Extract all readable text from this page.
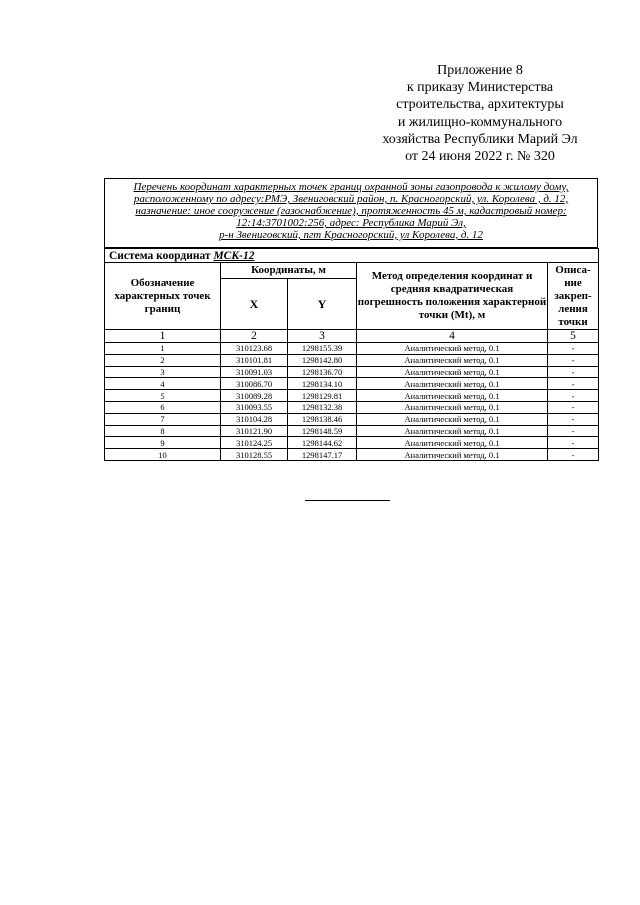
Приложение 8
к приказу Министерства
строительства, архитектуры
и жилищно-коммунального
хозяйства Республики Марий Эл
от 24 июня 2022 г. № 320
Перечень координат характерных точек границ охранной зоны газопровода к жилому дому,
расположенному по адресу:РМЭ, Звениговский район, п. Красногорский, ул. Королева , д. 12,
назначение: иное сооружение (газоснабжение), протяженность 45 м, кадастровый номер:
12:14:3701002:256, адрес: Республика Марий Эл,
р-н Звениговский, пгт Красногорский, ул Королева, д. 12
Система координат МСК-12				
Обозначение характерных точек границ	Координаты, м		Метод определения координат и средняя квадратическая погрешность положения характерной точки (Mt), м	Описа-ние закреп-ления точки
	X	Y		
1	2	3	4	5
1	310123.68	1298155.39	Аналитический метод, 0.1	-
2	310101.81	1298142.80	Аналитический метод, 0.1	-
3	310091.03	1298136.70	Аналитический метод, 0.1	-
4	310086.70	1298134.10	Аналитический метод, 0.1	-
5	310089.28	1298129.81	Аналитический метод, 0.1	-
6	310093.55	1298132.38	Аналитический метод, 0.1	-
7	310104.28	1298138.46	Аналитический метод, 0.1	-
8	310121.90	1298148.59	Аналитический метод, 0.1	-
9	310124.25	1298144.62	Аналитический метод, 0.1	-
10	310128.55	1298147.17	Аналитический метод, 0.1	-
